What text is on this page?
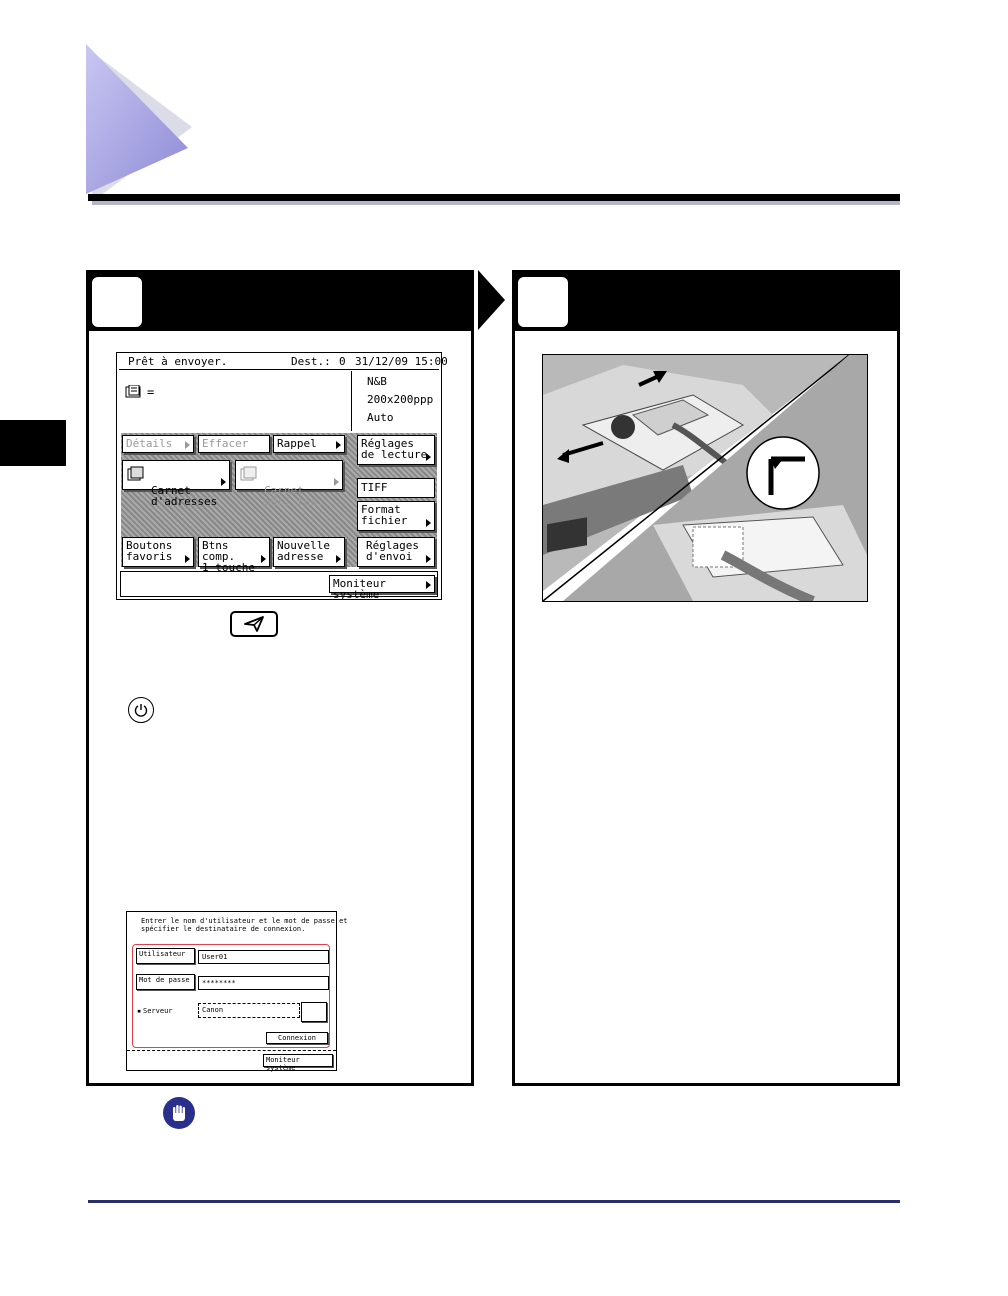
Prêt à envoyer.	Dest.: 0 31/12/09 15:00
=
N&B
200x200ppp
Auto
Détails	Effacer	Rappel	Réglages
de lecture

Carnet
d'adresses

Carnet
adr. rés.
TIFF
Format
fichier
Boutons
favoris
Btns comp.
1 touche
Nouvelle
adresse
Réglages
d'envoi
Moniteur système
Entrer le nom d'utilisateur et le mot de passe et
spécifier le destinataire de connexion.
Utilisateur	User01
Mot de passe	********
▪ Serveur	Canon
Connexion
Moniteur système
